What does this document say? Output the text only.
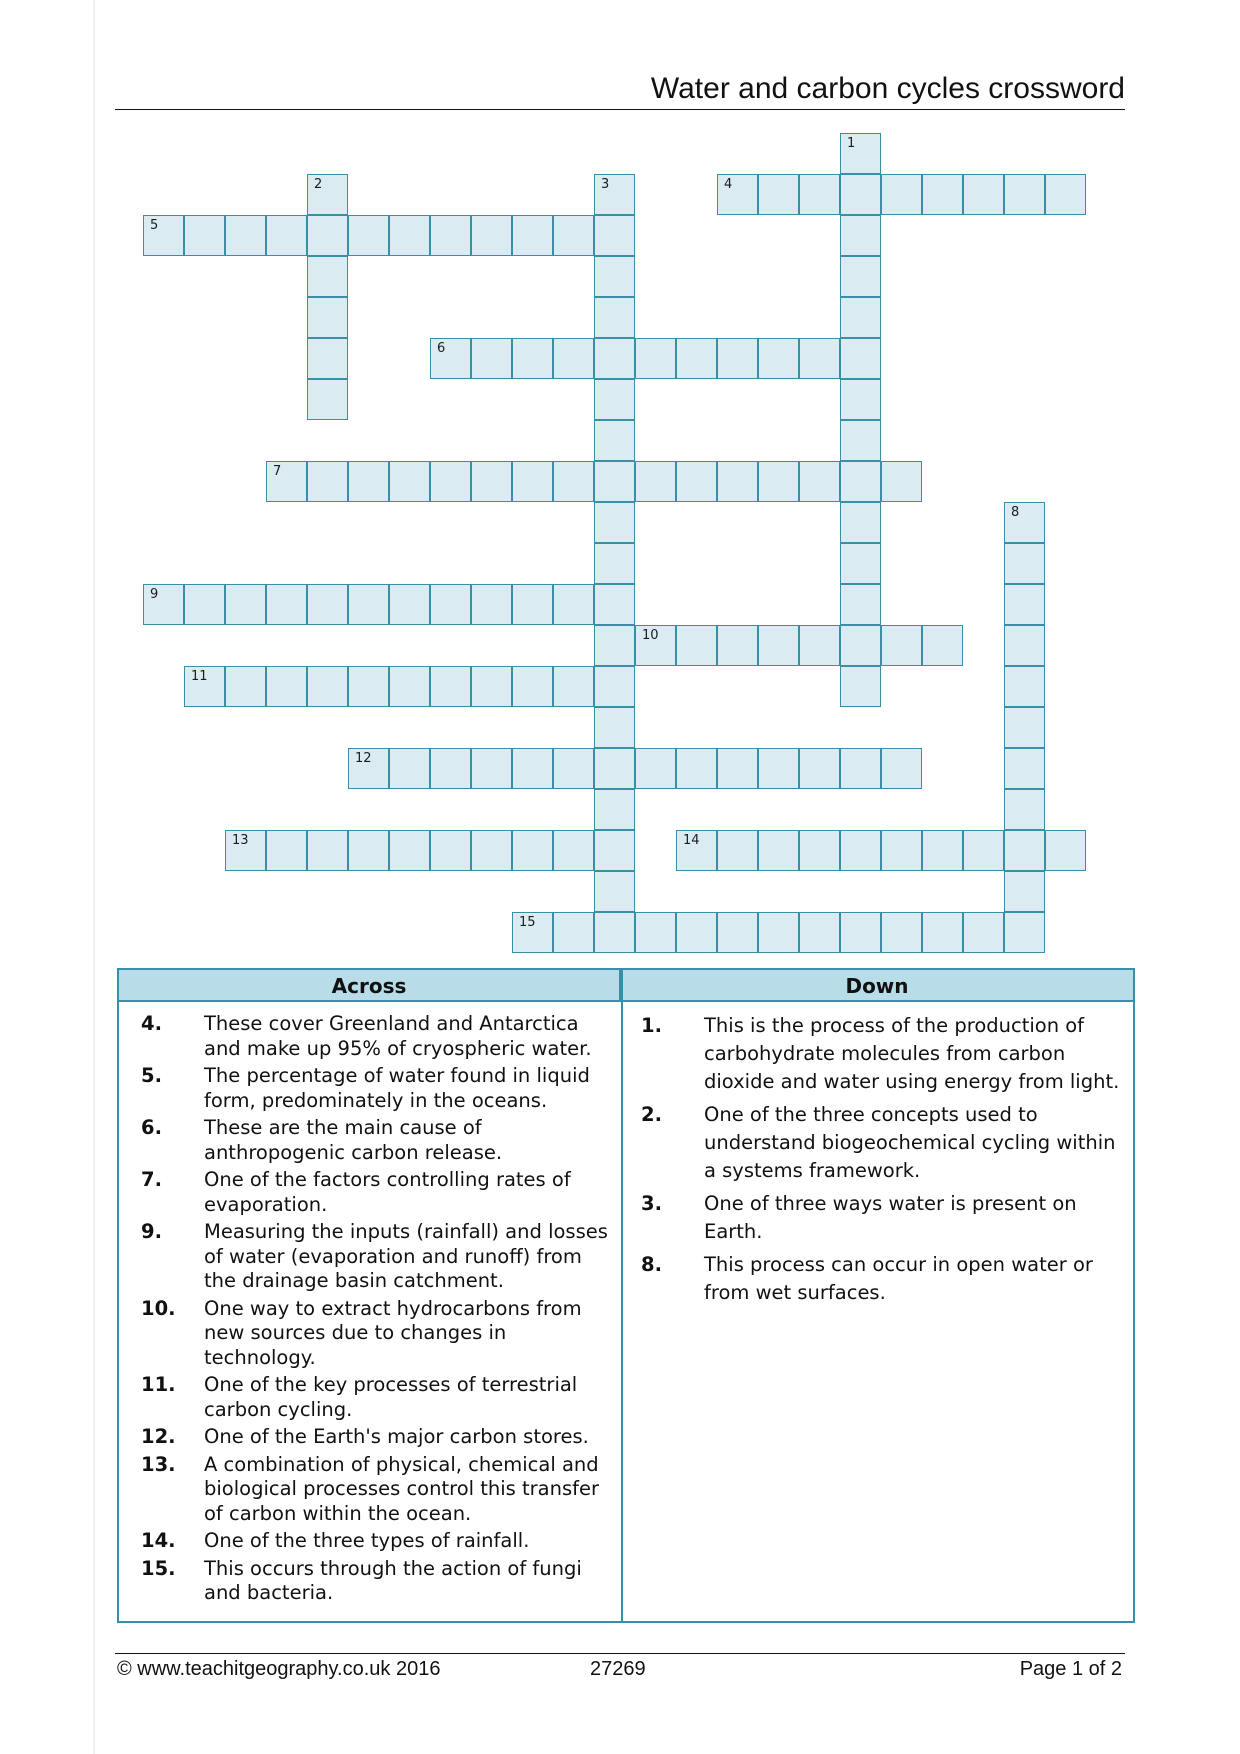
Water and carbon cycles crossword
1
2	3	4
5
6
7
8
9
10
11
12
13	14
15
Across	Down
4.	These cover Greenland and Antarctica and make up 95% of cryospheric water.
5.	The percentage of water found in liquid form, predominately in the oceans.
6.	These are the main cause of anthropogenic carbon release.
7.	One of the factors controlling rates of evaporation.
9.	Measuring the inputs (rainfall) and losses of water (evaporation and runoff) from the drainage basin catchment.
10.	One way to extract hydrocarbons from new sources due to changes in technology.
11.	One of the key processes of terrestrial carbon cycling.
12.	One of the Earth's major carbon stores.
13.	A combination of physical, chemical and biological processes control this transfer of carbon within the ocean.
14.	One of the three types of rainfall.
15.	This occurs through the action of fungi and bacteria.
1.	This is the process of the production of carbohydrate molecules from carbon dioxide and water using energy from light.
2.	One of the three concepts used to understand biogeochemical cycling within a systems framework.
3.	One of three ways water is present on Earth.
8.	This process can occur in open water or from wet surfaces.
© www.teachitgeography.co.uk 2016	27269	Page 1 of 2
